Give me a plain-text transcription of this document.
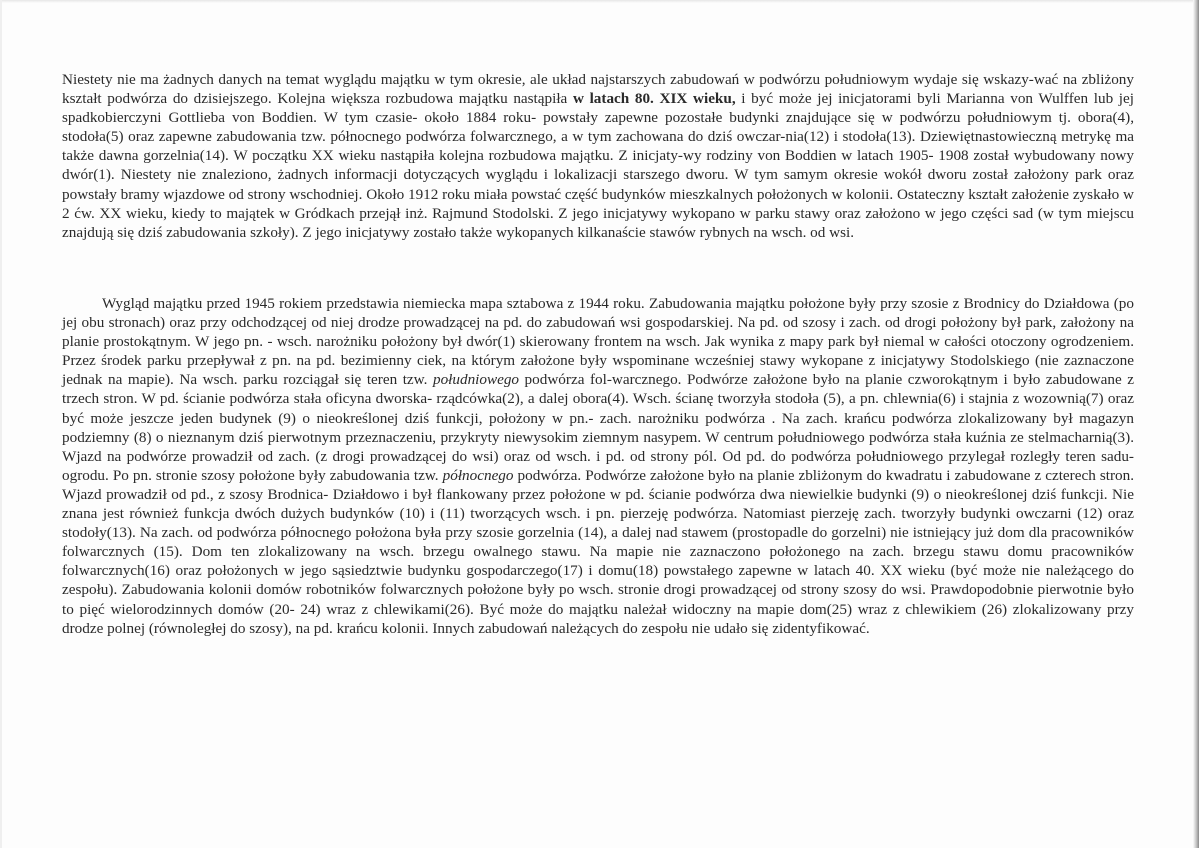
Niestety nie ma żadnych danych na temat wyglądu majątku w tym okresie, ale układ najstarszych zabudowań w podwórzu południowym wydaje się wskazy-wać na zbliżony kształt podwórza do dzisiejszego. Kolejna większa rozbudowa majątku nastąpiła w latach 80. XIX wieku, i być może jej inicjatorami byli Marianna von Wulffen lub jej spadkobierczyni Gottlieba von Boddien. W tym czasie- około 1884 roku- powstały zapewne pozostałe budynki znajdujące się w podwórzu południowym tj. obora(4), stodoła(5) oraz zapewne zabudowania tzw. północnego podwórza folwarcznego, a w tym zachowana do dziś owczar-nia(12) i stodoła(13). Dziewiętnastowieczną metrykę ma także dawna gorzelnia(14). W początku XX wieku nastąpiła kolejna rozbudowa majątku. Z inicjaty-wy rodziny von Boddien w latach 1905- 1908 został wybudowany nowy dwór(1). Niestety nie znaleziono, żadnych informacji dotyczących wyglądu i lokalizacji starszego dworu. W tym samym okresie wokół dworu został założony park oraz powstały bramy wjazdowe od strony wschodniej. Około 1912 roku miała powstać część budynków mieszkalnych położonych w kolonii. Ostateczny kształt założenie zyskało w 2 ćw. XX wieku, kiedy to majątek w Gródkach przejął inż. Rajmund Stodolski. Z jego inicjatywy wykopano w parku stawy oraz założono w jego części sad (w tym miejscu znajdują się dziś zabudowania szkoły). Z jego inicjatywy zostało także wykopanych kilkanaście stawów rybnych na wsch. od wsi.

Wygląd majątku przed 1945 rokiem przedstawia niemiecka mapa sztabowa z 1944 roku. Zabudowania majątku położone były przy szosie z Brodnicy do Działdowa (po jej obu stronach) oraz przy odchodzącej od niej drodze prowadzącej na pd. do zabudowań wsi gospodarskiej. Na pd. od szosy i zach. od drogi położony był park, założony na planie prostokątnym. W jego pn. - wsch. narożniku położony był dwór(1) skierowany frontem na wsch. Jak wynika z mapy park był niemal w całości otoczony ogrodzeniem. Przez środek parku przepływał z pn. na pd. bezimienny ciek, na którym założone były wspominane wcześniej stawy wykopane z inicjatywy Stodolskiego (nie zaznaczone jednak na mapie). Na wsch. parku rozciągał się teren tzw. południowego podwórza fol-warcznego. Podwórze założone było na planie czworokątnym i było zabudowane z trzech stron. W pd. ścianie podwórza stała oficyna dworska- rządcówka(2), a dalej obora(4). Wsch. ścianę tworzyła stodoła (5), a pn. chlewnia(6) i stajnia z wozownią(7) oraz być może jeszcze jeden budynek (9) o nieokreślonej dziś funkcji, położony w pn.- zach. narożniku podwórza . Na zach. krańcu podwórza zlokalizowany był magazyn podziemny (8) o nieznanym dziś pierwotnym przeznaczeniu, przykryty niewysokim ziemnym nasypem. W centrum południowego podwórza stała kuźnia ze stelmacharnią(3). Wjazd na podwórze prowadził od zach. (z drogi prowadzącej do wsi) oraz od wsch. i pd. od strony pól. Od pd. do podwórza południowego przylegał rozległy teren sadu- ogrodu. Po pn. stronie szosy położone były zabudowania tzw. północnego podwórza. Podwórze założone było na planie zbliżonym do kwadratu i zabudowane z czterech stron. Wjazd prowadził od pd., z szosy Brodnica- Działdowo i był flankowany przez położone w pd. ścianie podwórza dwa niewielkie budynki (9) o nieokreślonej dziś funkcji. Nie znana jest również funkcja dwóch dużych budynków (10) i (11) tworzących wsch. i pn. pierzeję podwórza. Natomiast pierzeję zach. tworzyły budynki owczarni (12) oraz stodoły(13). Na zach. od podwórza północnego położona była przy szosie gorzelnia (14), a dalej nad stawem (prostopadle do gorzelni) nie istniejący już dom dla pracowników folwarcznych (15). Dom ten zlokalizowany na wsch. brzegu owalnego stawu. Na mapie nie zaznaczono położonego na zach. brzegu stawu domu pracowników folwarcznych(16) oraz położonych w jego sąsiedztwie budynku gospodarczego(17) i domu(18) powstałego zapewne w latach 40. XX wieku (być może nie należącego do zespołu). Zabudowania kolonii domów robotników folwarcznych położone były po wsch. stronie drogi prowadzącej od strony szosy do wsi. Prawdopodobnie pierwotnie było to pięć wielorodzinnych domów (20- 24) wraz z chlewikami(26). Być może do majątku należał widoczny na mapie dom(25) wraz z chlewikiem (26) zlokalizowany przy drodze polnej (równoległej do szosy), na pd. krańcu kolonii. Innych zabudowań należących do zespołu nie udało się zidentyfikować.
